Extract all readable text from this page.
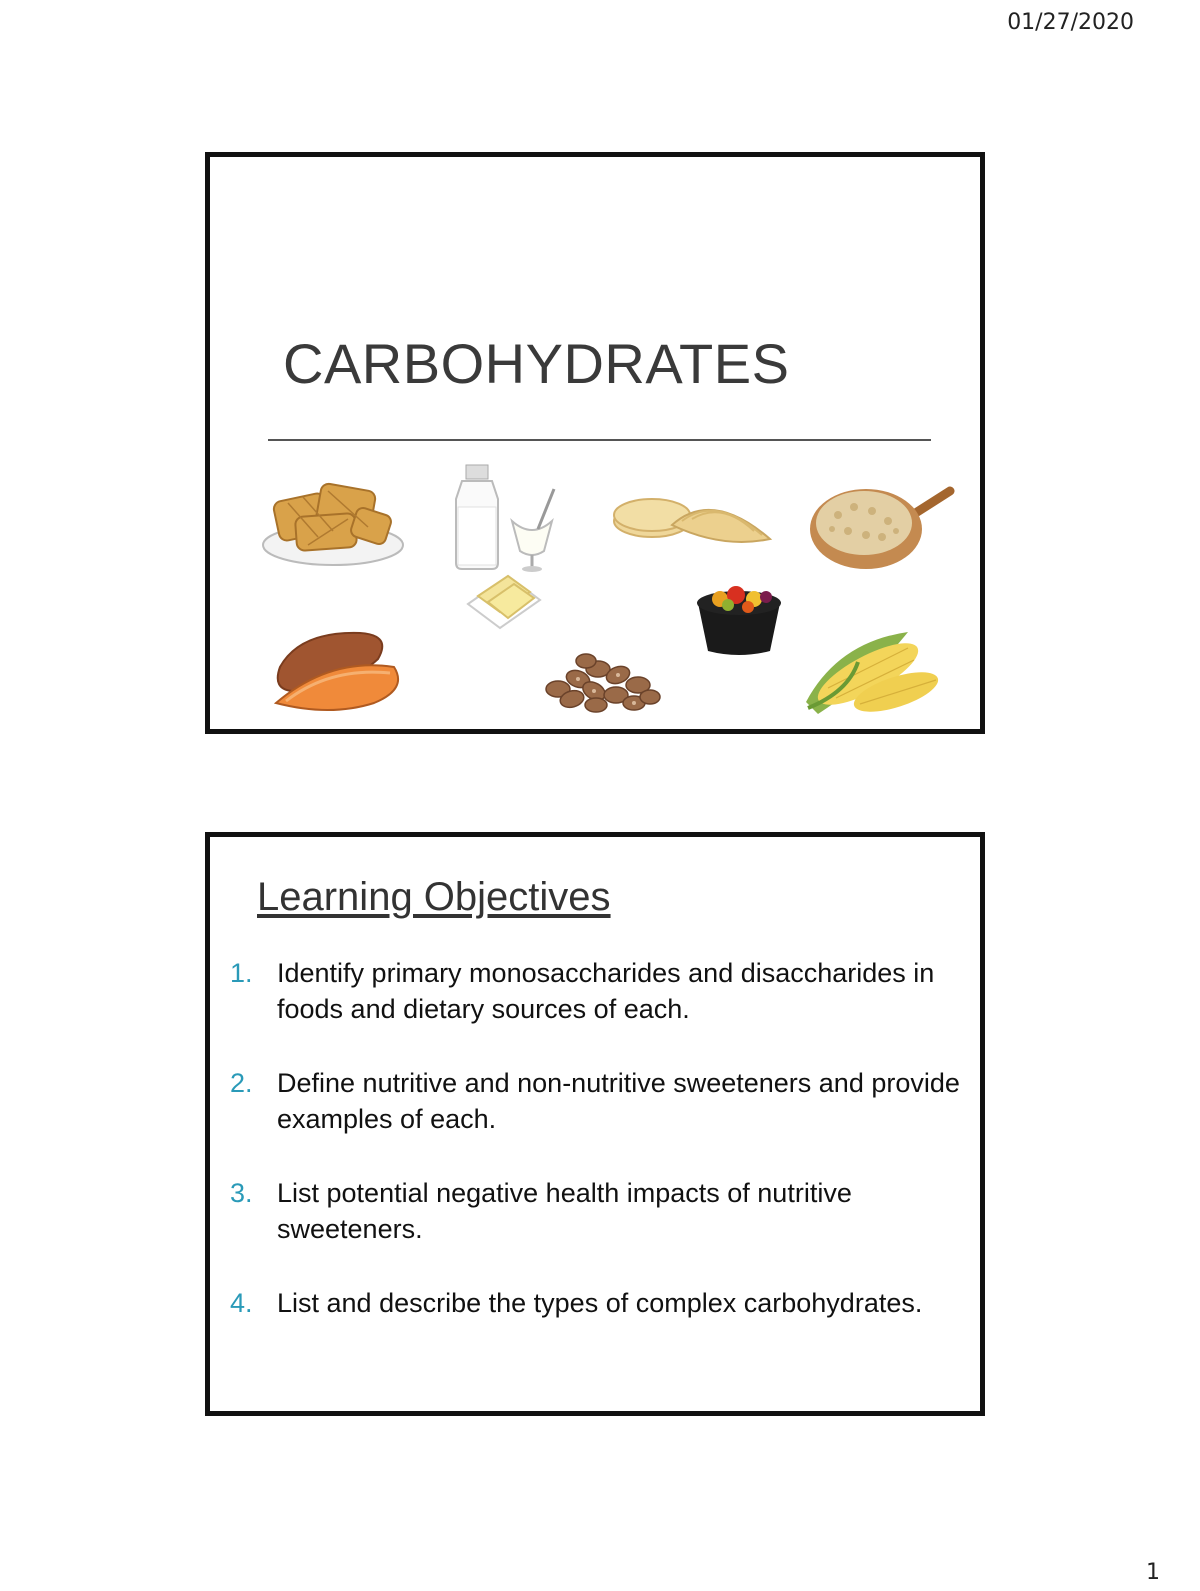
01/27/2020
CARBOHYDRATES
Learning Objectives
1. Identify primary monosaccharides and disaccharides in foods and dietary sources of each.
2. Define nutritive and non-nutritive sweeteners and provide examples of each.
3. List potential negative health impacts of nutritive sweeteners.
4. List and describe the types of complex carbohydrates.
1
